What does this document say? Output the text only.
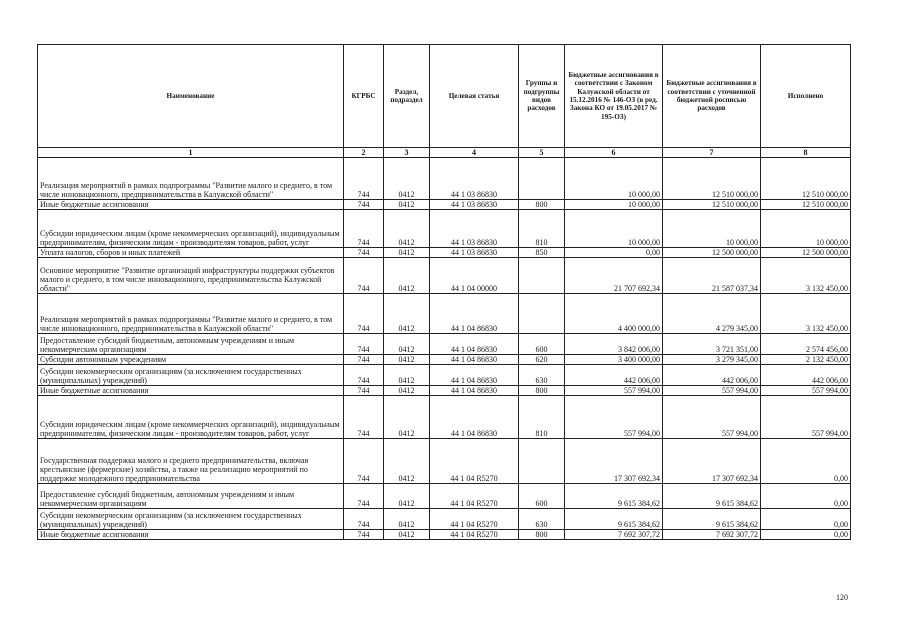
Наименование	КГРБС	Раздел, подраздел	Целевая статья	Группы и подгруппы видов расходов	Бюджетные ассигнования в соответствии с Законом Калужской области от 15.12.2016 № 146-ОЗ (в ред. Закона КО от 19.05.2017 № 195-ОЗ)	Бюджетные ассигнования в соответствии с уточненной бюджетной росписью расходов	Исполнено
1	2	3	4	5	6	7	8
Реализация мероприятий в рамках подпрограммы "Развитие малого и среднего, в том числе инновационного, предпринимательства в Калужской области"	744	0412	44 1 03 86830		10 000,00	12 510 000,00	12 510 000,00
Иные бюджетные ассигнования	744	0412	44 1 03 86830	800	10 000,00	12 510 000,00	12 510 000,00
Субсидии юридическим лицам (кроме некоммерческих организаций), индивидуальным предпринимателям, физическим лицам - производителям товаров, работ, услуг	744	0412	44 1 03 86830	810	10 000,00	10 000,00	10 000,00
Уплата налогов, сборов и иных платежей	744	0412	44 1 03 86830	850	0,00	12 500 000,00	12 500 000,00
Основное мероприятие "Развитие организаций инфраструктуры поддержки субъектов малого и среднего, в том числе инновационного, предпринимательства Калужской области"	744	0412	44 1 04 00000		21 707 692,34	21 587 037,34	3 132 450,00
Реализация мероприятий в рамках подпрограммы "Развитие малого и среднего, в том числе инновационного, предпринимательства в Калужской области"	744	0412	44 1 04 86830		4 400 000,00	4 279 345,00	3 132 450,00
Предоставление субсидий бюджетным, автономным учреждениям и иным некоммерческим организациям	744	0412	44 1 04 86830	600	3 842 006,00	3 721 351,00	2 574 456,00
Субсидии автономным учреждениям	744	0412	44 1 04 86830	620	3 400 000,00	3 279 345,00	2 132 450,00
Субсидии некоммерческим организациям (за исключением государственных (муниципальных) учреждений)	744	0412	44 1 04 86830	630	442 006,00	442 006,00	442 006,00
Иные бюджетные ассигнования	744	0412	44 1 04 86830	800	557 994,00	557 994,00	557 994,00
Субсидии юридическим лицам (кроме некоммерческих организаций), индивидуальным предпринимателям, физическим лицам - производителям товаров, работ, услуг	744	0412	44 1 04 86830	810	557 994,00	557 994,00	557 994,00
Государственная поддержка малого и среднего предпринимательства, включая крестьянские (фермерские) хозяйства, а также на реализацию мероприятий по поддержке молодежного предпринимательства	744	0412	44 1 04 R5270		17 307 692,34	17 307 692,34	0,00
Предоставление субсидий бюджетным, автономным учреждениям и иным некоммерческим организациям	744	0412	44 1 04 R5270	600	9 615 384,62	9 615 384,62	0,00
Субсидии некоммерческим организациям (за исключением государственных (муниципальных) учреждений)	744	0412	44 1 04 R5270	630	9 615 384,62	9 615 384,62	0,00
Иные бюджетные ассигнования	744	0412	44 1 04 R5270	800	7 692 307,72	7 692 307,72	0,00
120
